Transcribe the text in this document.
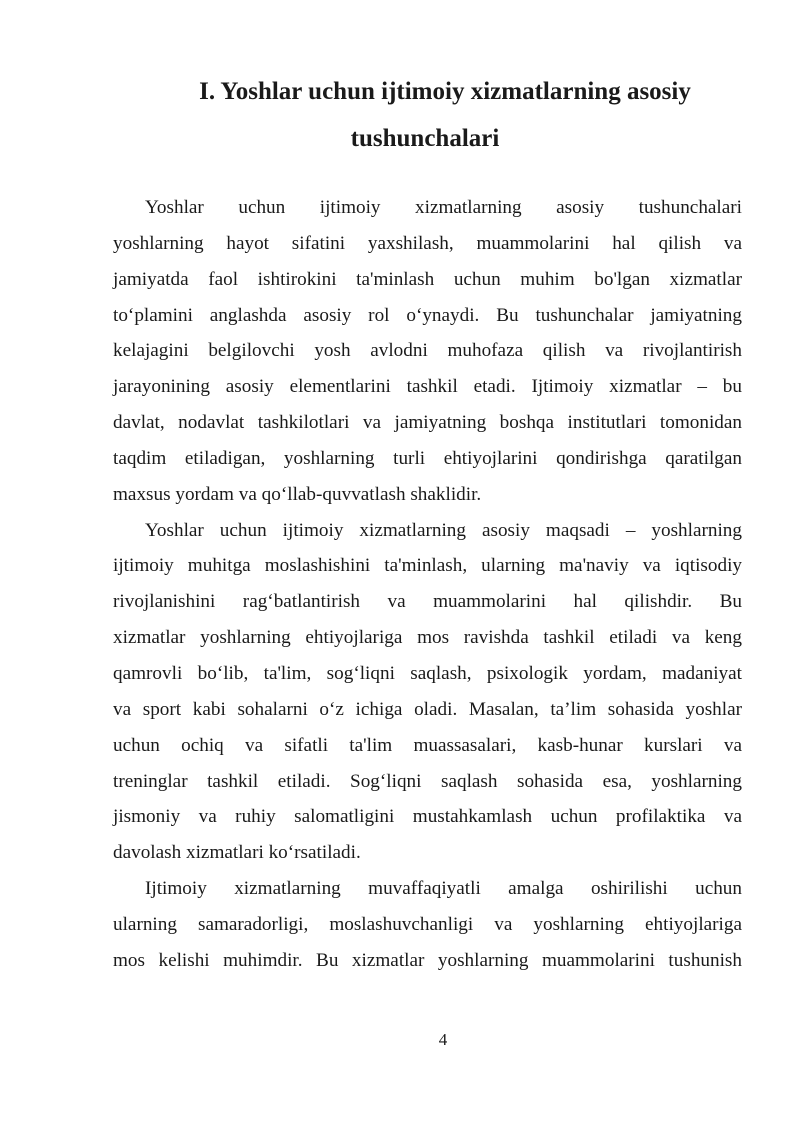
I. Yoshlar uchun ijtimoiy xizmatlarning asosiy
tushunchalari
Yoshlar uchun ijtimoiy xizmatlarning asosiy tushunchalari
yoshlarning hayot sifatini yaxshilash, muammolarini hal qilish va
jamiyatda faol ishtirokini ta'minlash uchun muhim bo'lgan xizmatlar
to‘plamini anglashda asosiy rol o‘ynaydi. Bu tushunchalar jamiyatning
kelajagini belgilovchi yosh avlodni muhofaza qilish va rivojlantirish
jarayonining asosiy elementlarini tashkil etadi. Ijtimoiy xizmatlar – bu
davlat, nodavlat tashkilotlari va jamiyatning boshqa institutlari tomonidan
taqdim etiladigan, yoshlarning turli ehtiyojlarini qondirishga qaratilgan
maxsus yordam va qo‘llab-quvvatlash shaklidir.
Yoshlar uchun ijtimoiy xizmatlarning asosiy maqsadi – yoshlarning
ijtimoiy muhitga moslashishini ta'minlash, ularning ma'naviy va iqtisodiy
rivojlanishini rag‘batlantirish va muammolarini hal qilishdir. Bu
xizmatlar yoshlarning ehtiyojlariga mos ravishda tashkil etiladi va keng
qamrovli bo‘lib, ta'lim, sog‘liqni saqlash, psixologik yordam, madaniyat
va sport kabi sohalarni o‘z ichiga oladi. Masalan, ta’lim sohasida yoshlar
uchun ochiq va sifatli ta'lim muassasalari, kasb-hunar kurslari va
treninglar tashkil etiladi. Sog‘liqni saqlash sohasida esa, yoshlarning
jismoniy va ruhiy salomatligini mustahkamlash uchun profilaktika va
davolash xizmatlari ko‘rsatiladi.
Ijtimoiy xizmatlarning muvaffaqiyatli amalga oshirilishi uchun
ularning samaradorligi, moslashuvchanligi va yoshlarning ehtiyojlariga
mos kelishi muhimdir. Bu xizmatlar yoshlarning muammolarini tushunish
4
